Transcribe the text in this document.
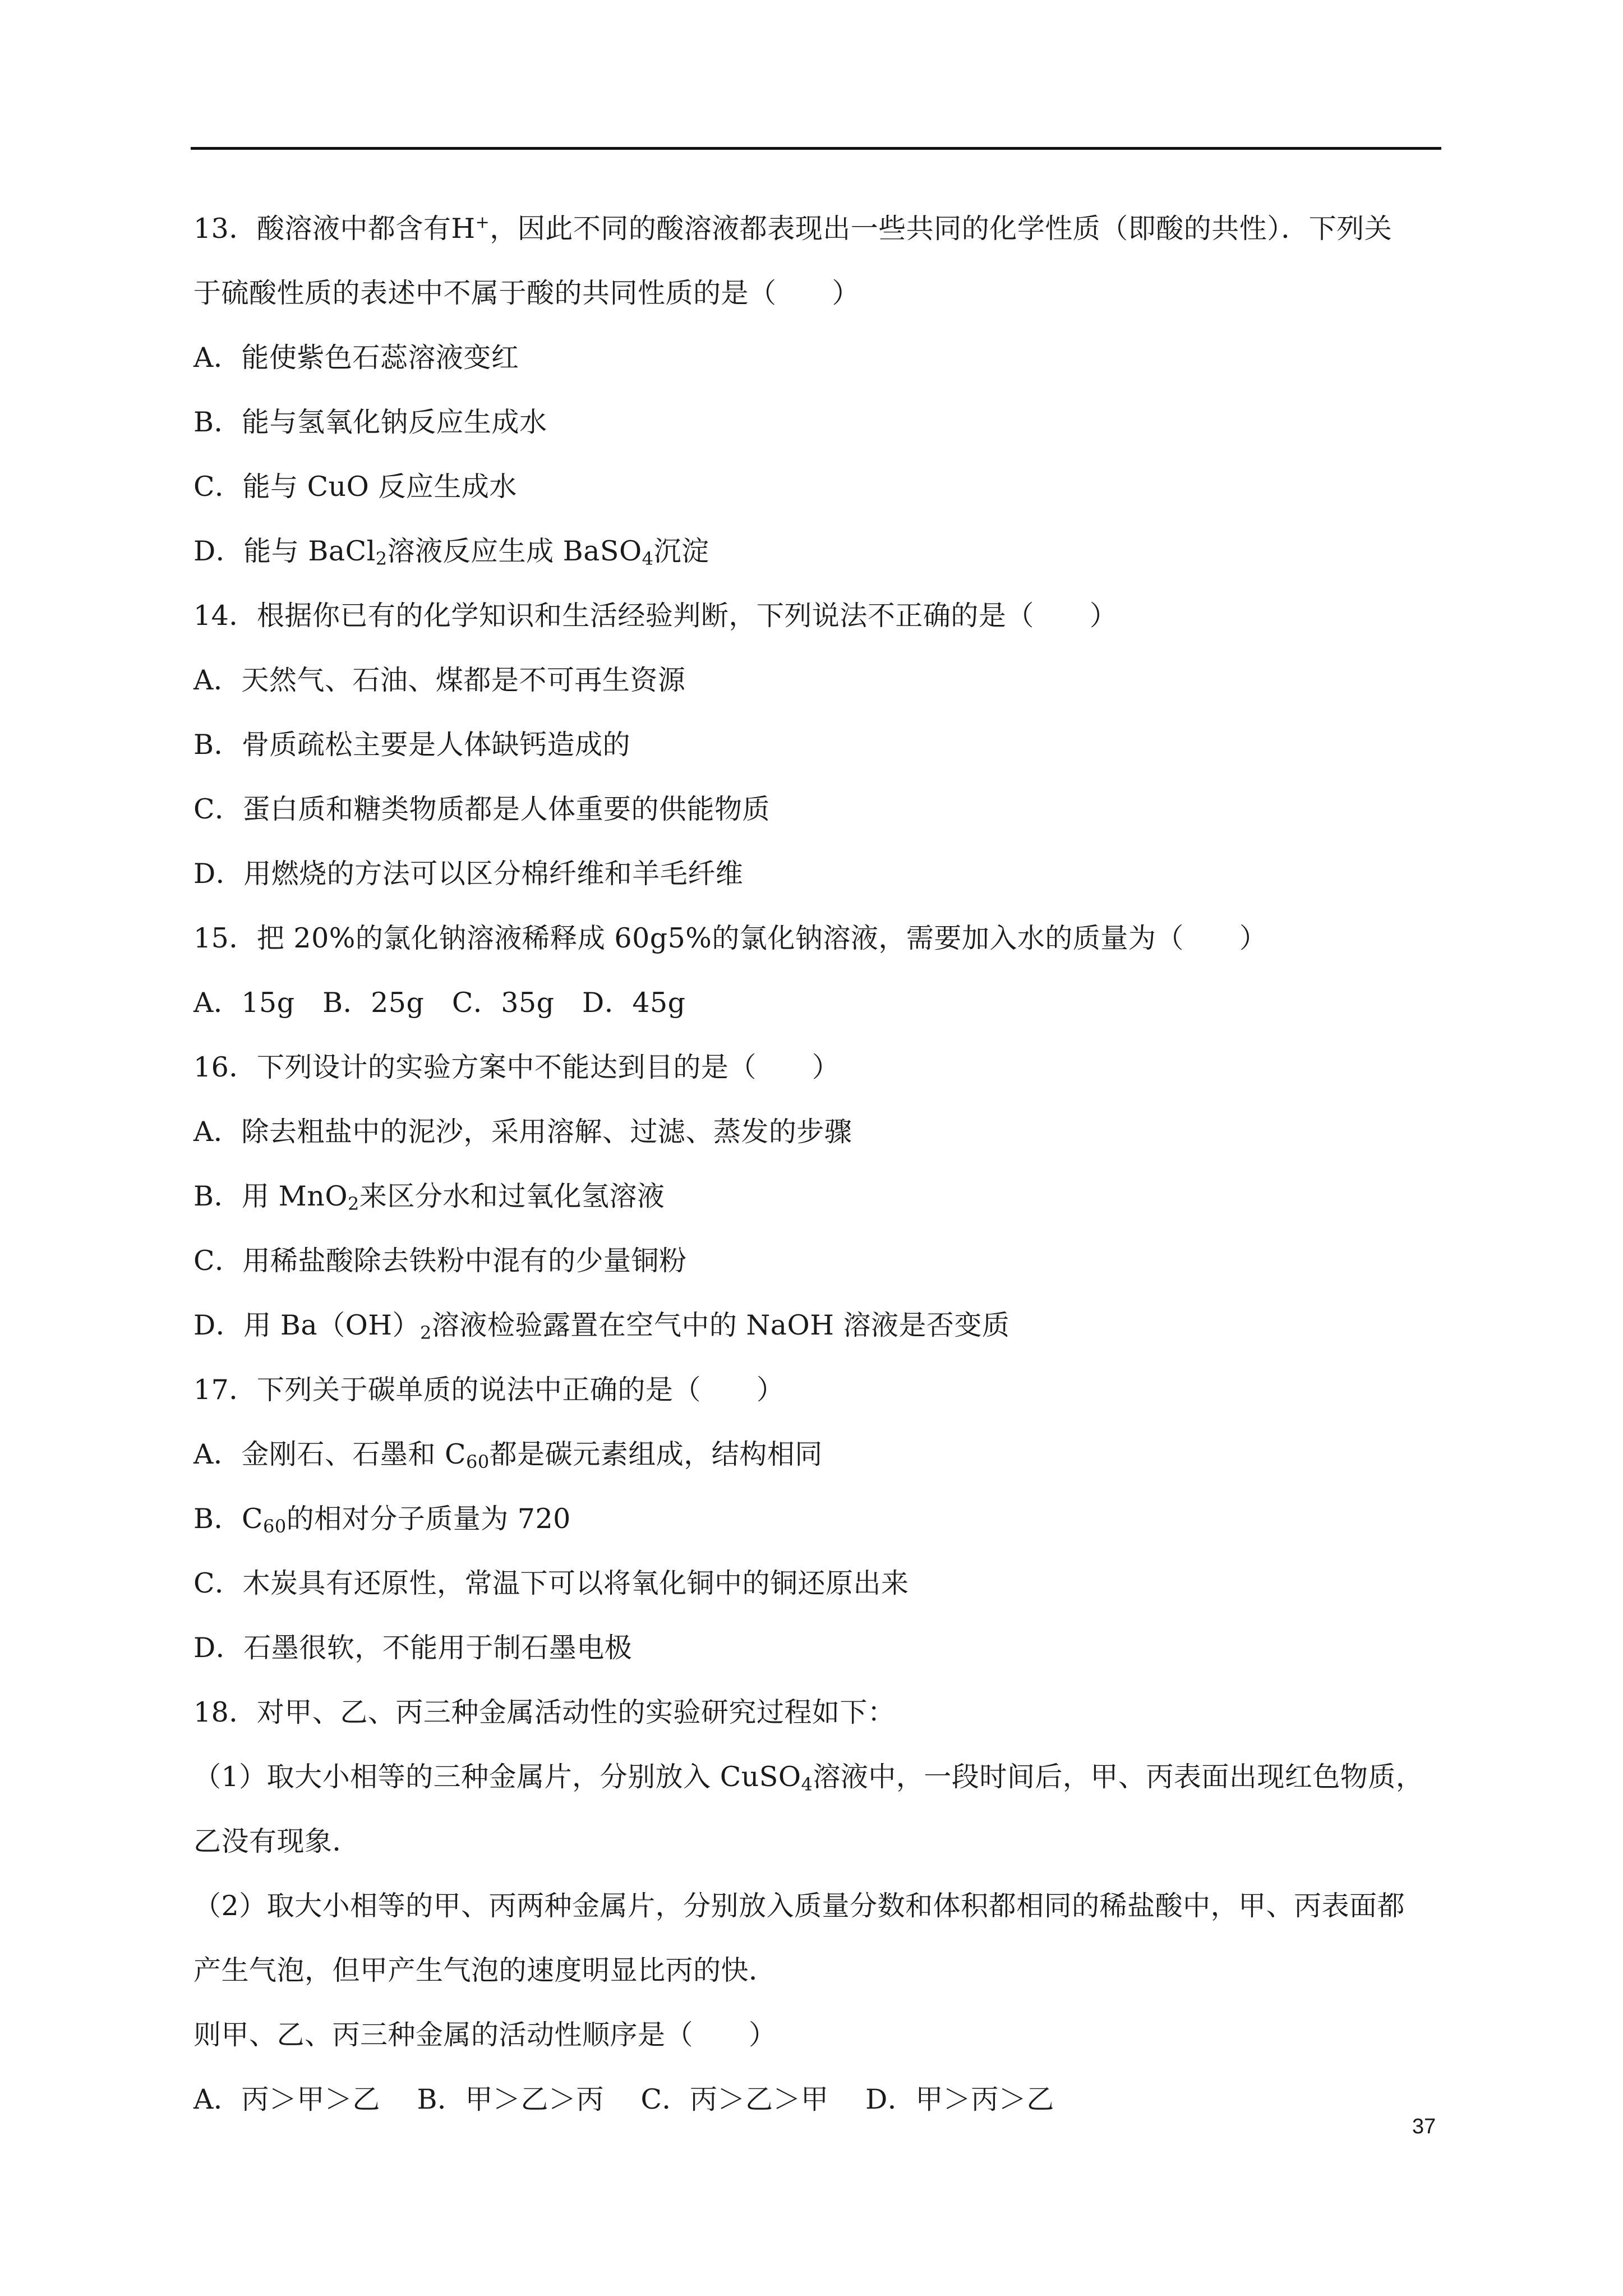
13．酸溶液中都含有H+，因此不同的酸溶液都表现出一些共同的化学性质（即酸的共性）．下列关
于硫酸性质的表述中不属于酸的共同性质的是（　　）
A．能使紫色石蕊溶液变红
B．能与氢氧化钠反应生成水
C．能与 CuO 反应生成水
D．能与 BaCl$_2$溶液反应生成 BaSO$_4$沉淀
14．根据你已有的化学知识和生活经验判断，下列说法不正确的是（　　）
A．天然气、石油、煤都是不可再生资源
B．骨质疏松主要是人体缺钙造成的
C．蛋白质和糖类物质都是人体重要的供能物质
D．用燃烧的方法可以区分棉纤维和羊毛纤维
15．把 20%的氯化钠溶液稀释成 60g5%的氯化钠溶液，需要加入水的质量为（　　）
A．15g　B．25g　C．35g　D．45g
16．下列设计的实验方案中不能达到目的是（　　）
A．除去粗盐中的泥沙，采用溶解、过滤、蒸发的步骤
B．用 MnO$_2$来区分水和过氧化氢溶液
C．用稀盐酸除去铁粉中混有的少量铜粉
D．用 $Ba(OH)_2$溶液检验露置在空气中的 NaOH 溶液是否变质
17．下列关于碳单质的说法中正确的是（　　）
A．金刚石、石墨和 $C_{60}$都是碳元素组成，结构相同
B．$C_{60}$的相对分子质量为 720
C．木炭具有还原性，常温下可以将氧化铜中的铜还原出来
D．石墨很软，不能用于制石墨电极
18．对甲、乙、丙三种金属活动性的实验研究过程如下：
（1）取大小相等的三种金属片，分别放入 CuSO$_4$溶液中，一段时间后，甲、丙表面出现红色物质，
乙没有现象．
（2）取大小相等的甲、丙两种金属片，分别放入质量分数和体积都相同的稀盐酸中，甲、丙表面都
产生气泡，但甲产生气泡的速度明显比丙的快．
则甲、乙、丙三种金属的活动性顺序是（　　）
A．丙＞甲＞乙　 B．甲＞乙＞丙　 C．丙＞乙＞甲　 D．甲＞丙＞乙
37
